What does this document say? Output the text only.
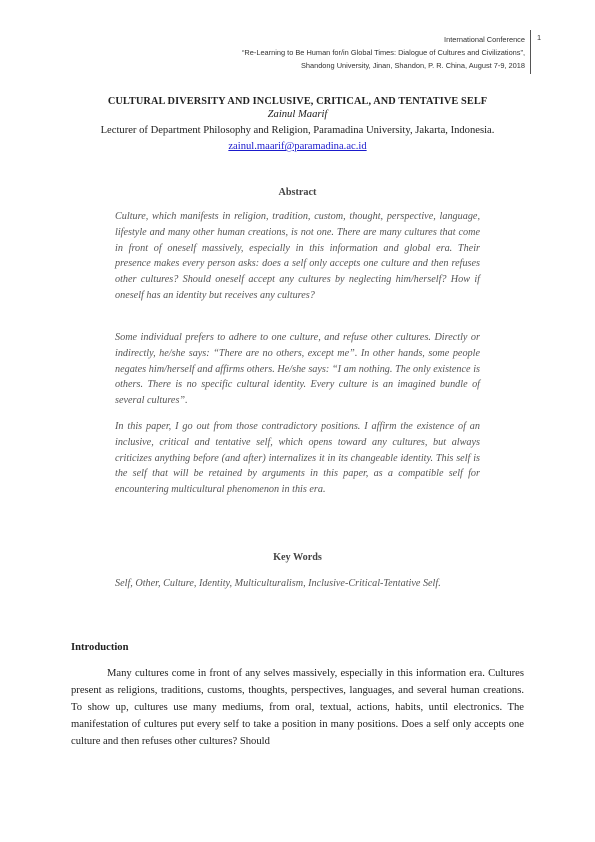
International Conference
“Re-Learning to Be Human for/in Global Times: Dialogue of Cultures and Civilizations”,
Shandong University, Jinan, Shandon, P. R. China, August 7-9, 2018
1
CULTURAL DIVERSITY AND INCLUSIVE, CRITICAL, AND TENTATIVE SELF
Zainul Maarif
Lecturer of Department Philosophy and Religion, Paramadina University, Jakarta, Indonesia.
zainul.maarif@paramadina.ac.id
Abstract

Culture, which manifests in religion, tradition, custom, thought, perspective, language, lifestyle and many other human creations, is not one. There are many cultures that come in front of oneself massively, especially in this information and global era. Their presence makes every person asks: does a self only accepts one culture and then refuses other cultures? Should oneself accept any cultures by neglecting him/herself? How if oneself has an identity but receives any cultures?

Some individual prefers to adhere to one culture, and refuse other cultures. Directly or indirectly, he/she says: “There are no others, except me”. In other hands, some people negates him/herself and affirms others. He/she says: “I am nothing. The only existence is others. There is no specific cultural identity. Every culture is an imagined bundle of several cultures”.

In this paper, I go out from those contradictory positions. I affirm the existence of an inclusive, critical and tentative self, which opens toward any cultures, but always criticizes anything before (and after) internalizes it in its changeable identity. This self is the self that will be retained by arguments in this paper, as a compatible self for encountering multicultural phenomenon in this era.

Key Words

Self, Other, Culture, Identity, Multiculturalism, Inclusive-Critical-Tentative Self.

Introduction

Many cultures come in front of any selves massively, especially in this information era. Cultures present as religions, traditions, customs, thoughts, perspectives, languages, and several human creations. To show up, cultures use many mediums, from oral, textual, actions, habits, until electronics. The manifestation of cultures put every self to take a position in many positions. Does a self only accepts one culture and then refuses other cultures? Should
